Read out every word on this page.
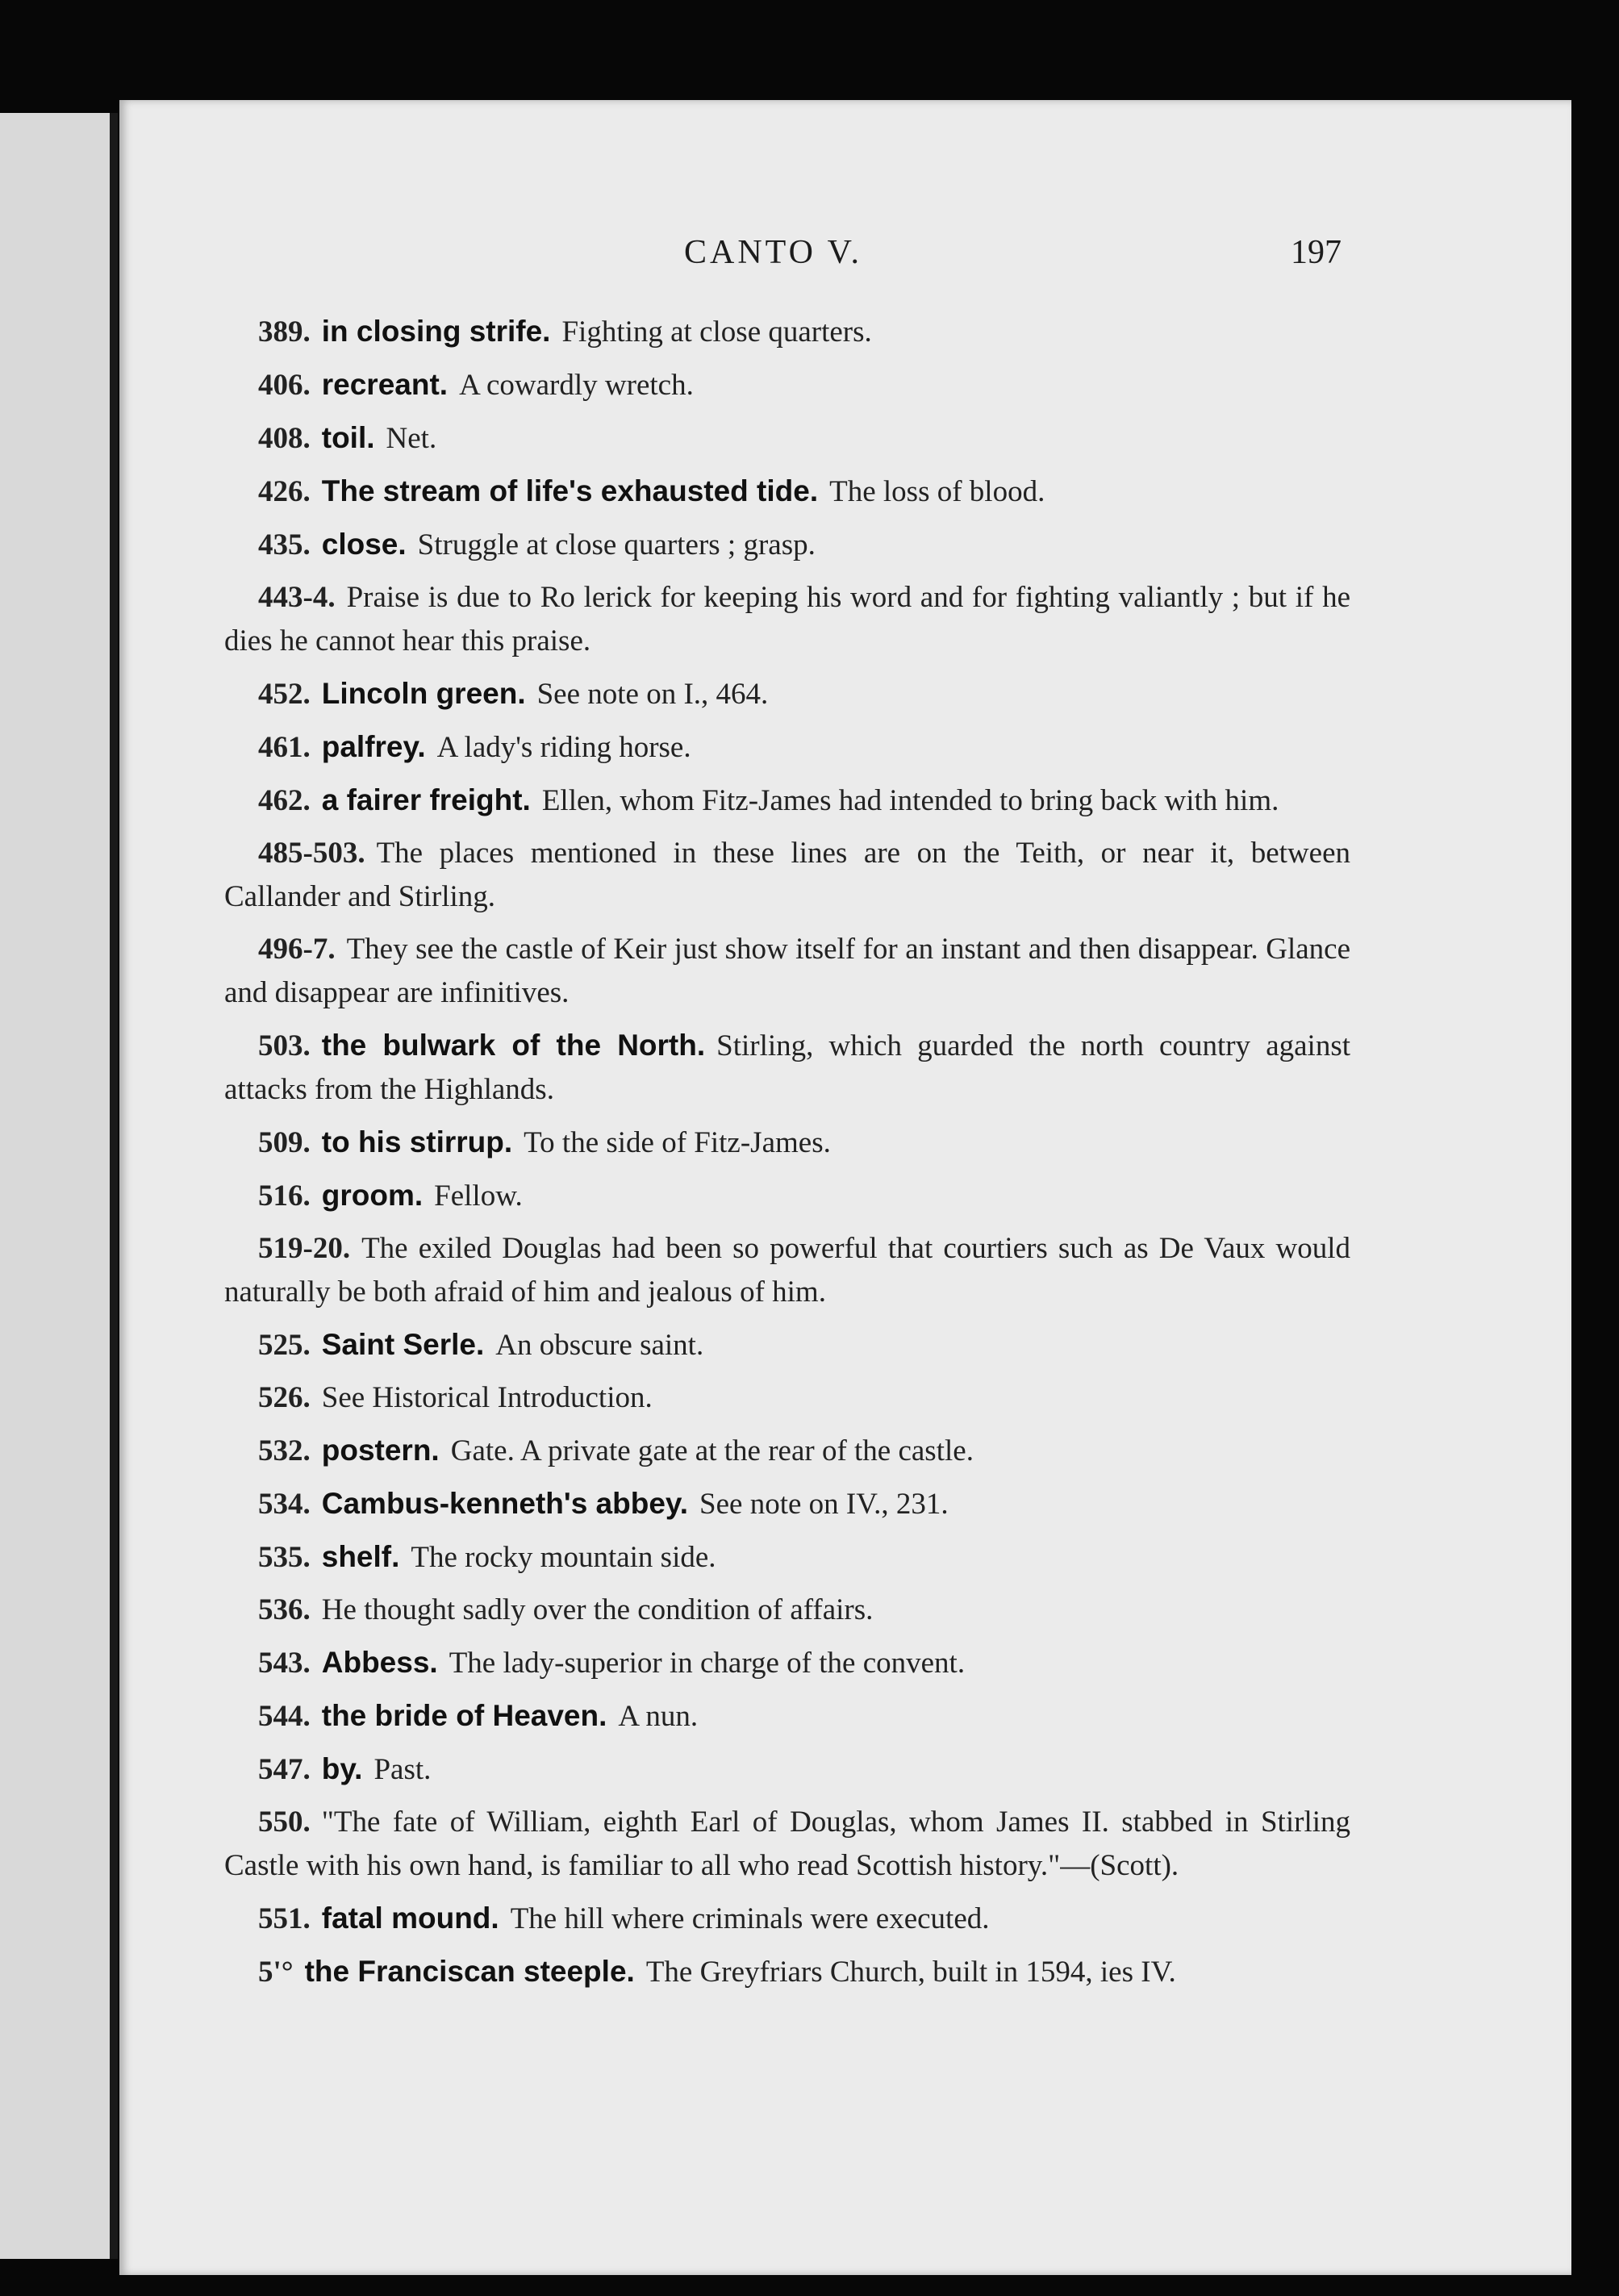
CANTO V.	197

389. in closing strife. Fighting at close quarters.

406. recreant. A cowardly wretch.

408. toil. Net.

426. The stream of life's exhausted tide. The loss of blood.

435. close. Struggle at close quarters ; grasp.

443-4. Praise is due to Ro lerick for keeping his word and for fighting valiantly ; but if he dies he cannot hear this praise.

452. Lincoln green. See note on I., 464.

461. palfrey. A lady's riding horse.

462. a fairer freight. Ellen, whom Fitz-James had intended to bring back with him.

485-503. The places mentioned in these lines are on the Teith, or near it, between Callander and Stirling.

496-7. They see the castle of Keir just show itself for an instant and then disappear. Glance and disappear are infinitives.

503. the bulwark of the North. Stirling, which guarded the north country against attacks from the Highlands.

509. to his stirrup. To the side of Fitz-James.

516. groom. Fellow.

519-20. The exiled Douglas had been so powerful that courtiers such as De Vaux would naturally be both afraid of him and jealous of him.

525. Saint Serle. An obscure saint.

526. See Historical Introduction.

532. postern. Gate. A private gate at the rear of the castle.

534. Cambus-kenneth's abbey. See note on IV., 231.

535. shelf. The rocky mountain side.

536. He thought sadly over the condition of affairs.

543. Abbess. The lady-superior in charge of the convent.

544. the bride of Heaven. A nun.

547. by. Past.

550. "The fate of William, eighth Earl of Douglas, whom James II. stabbed in Stirling Castle with his own hand, is familiar to all who read Scottish history."—(Scott).

551. fatal mound. The hill where criminals were executed.

5'° the Franciscan steeple. The Greyfriars Church, built in 1594, ies IV.
